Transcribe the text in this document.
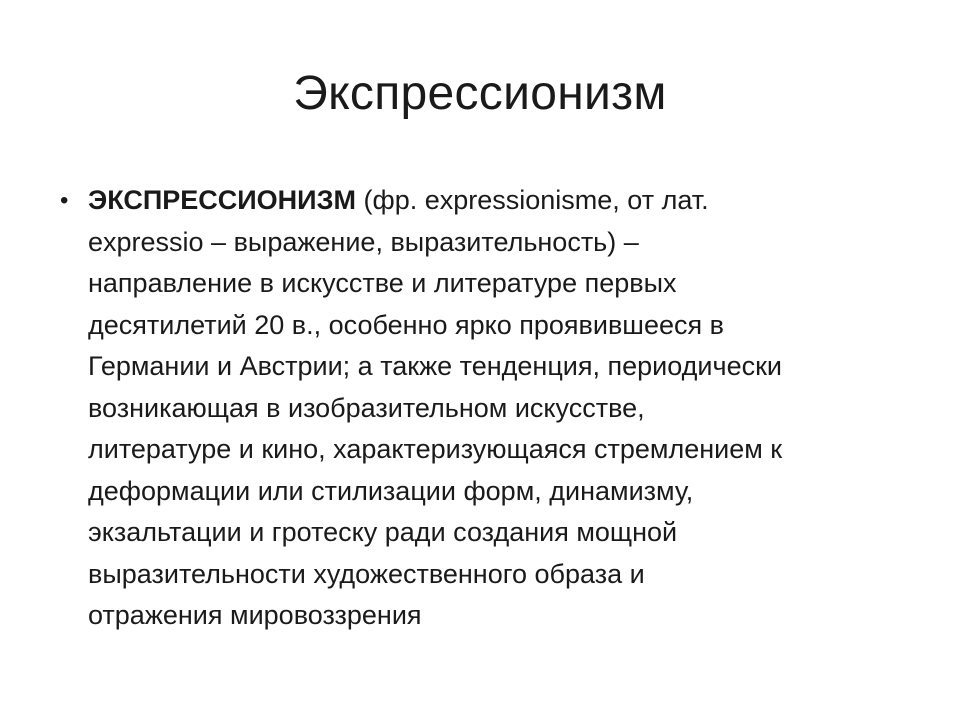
Экспрессионизм
• ЭКСПРЕССИОНИЗМ (фр. expressionisme, от лат.
expressio – выражение, выразительность) –
направление в искусстве и литературе первых
десятилетий 20 в., особенно ярко проявившееся в
Германии и Австрии; а также тенденция, периодически
возникающая в изобразительном искусстве,
литературе и кино, характеризующаяся стремлением к
деформации или стилизации форм, динамизму,
экзальтации и гротеску ради создания мощной
выразительности художественного образа и
отражения мировоззрения
